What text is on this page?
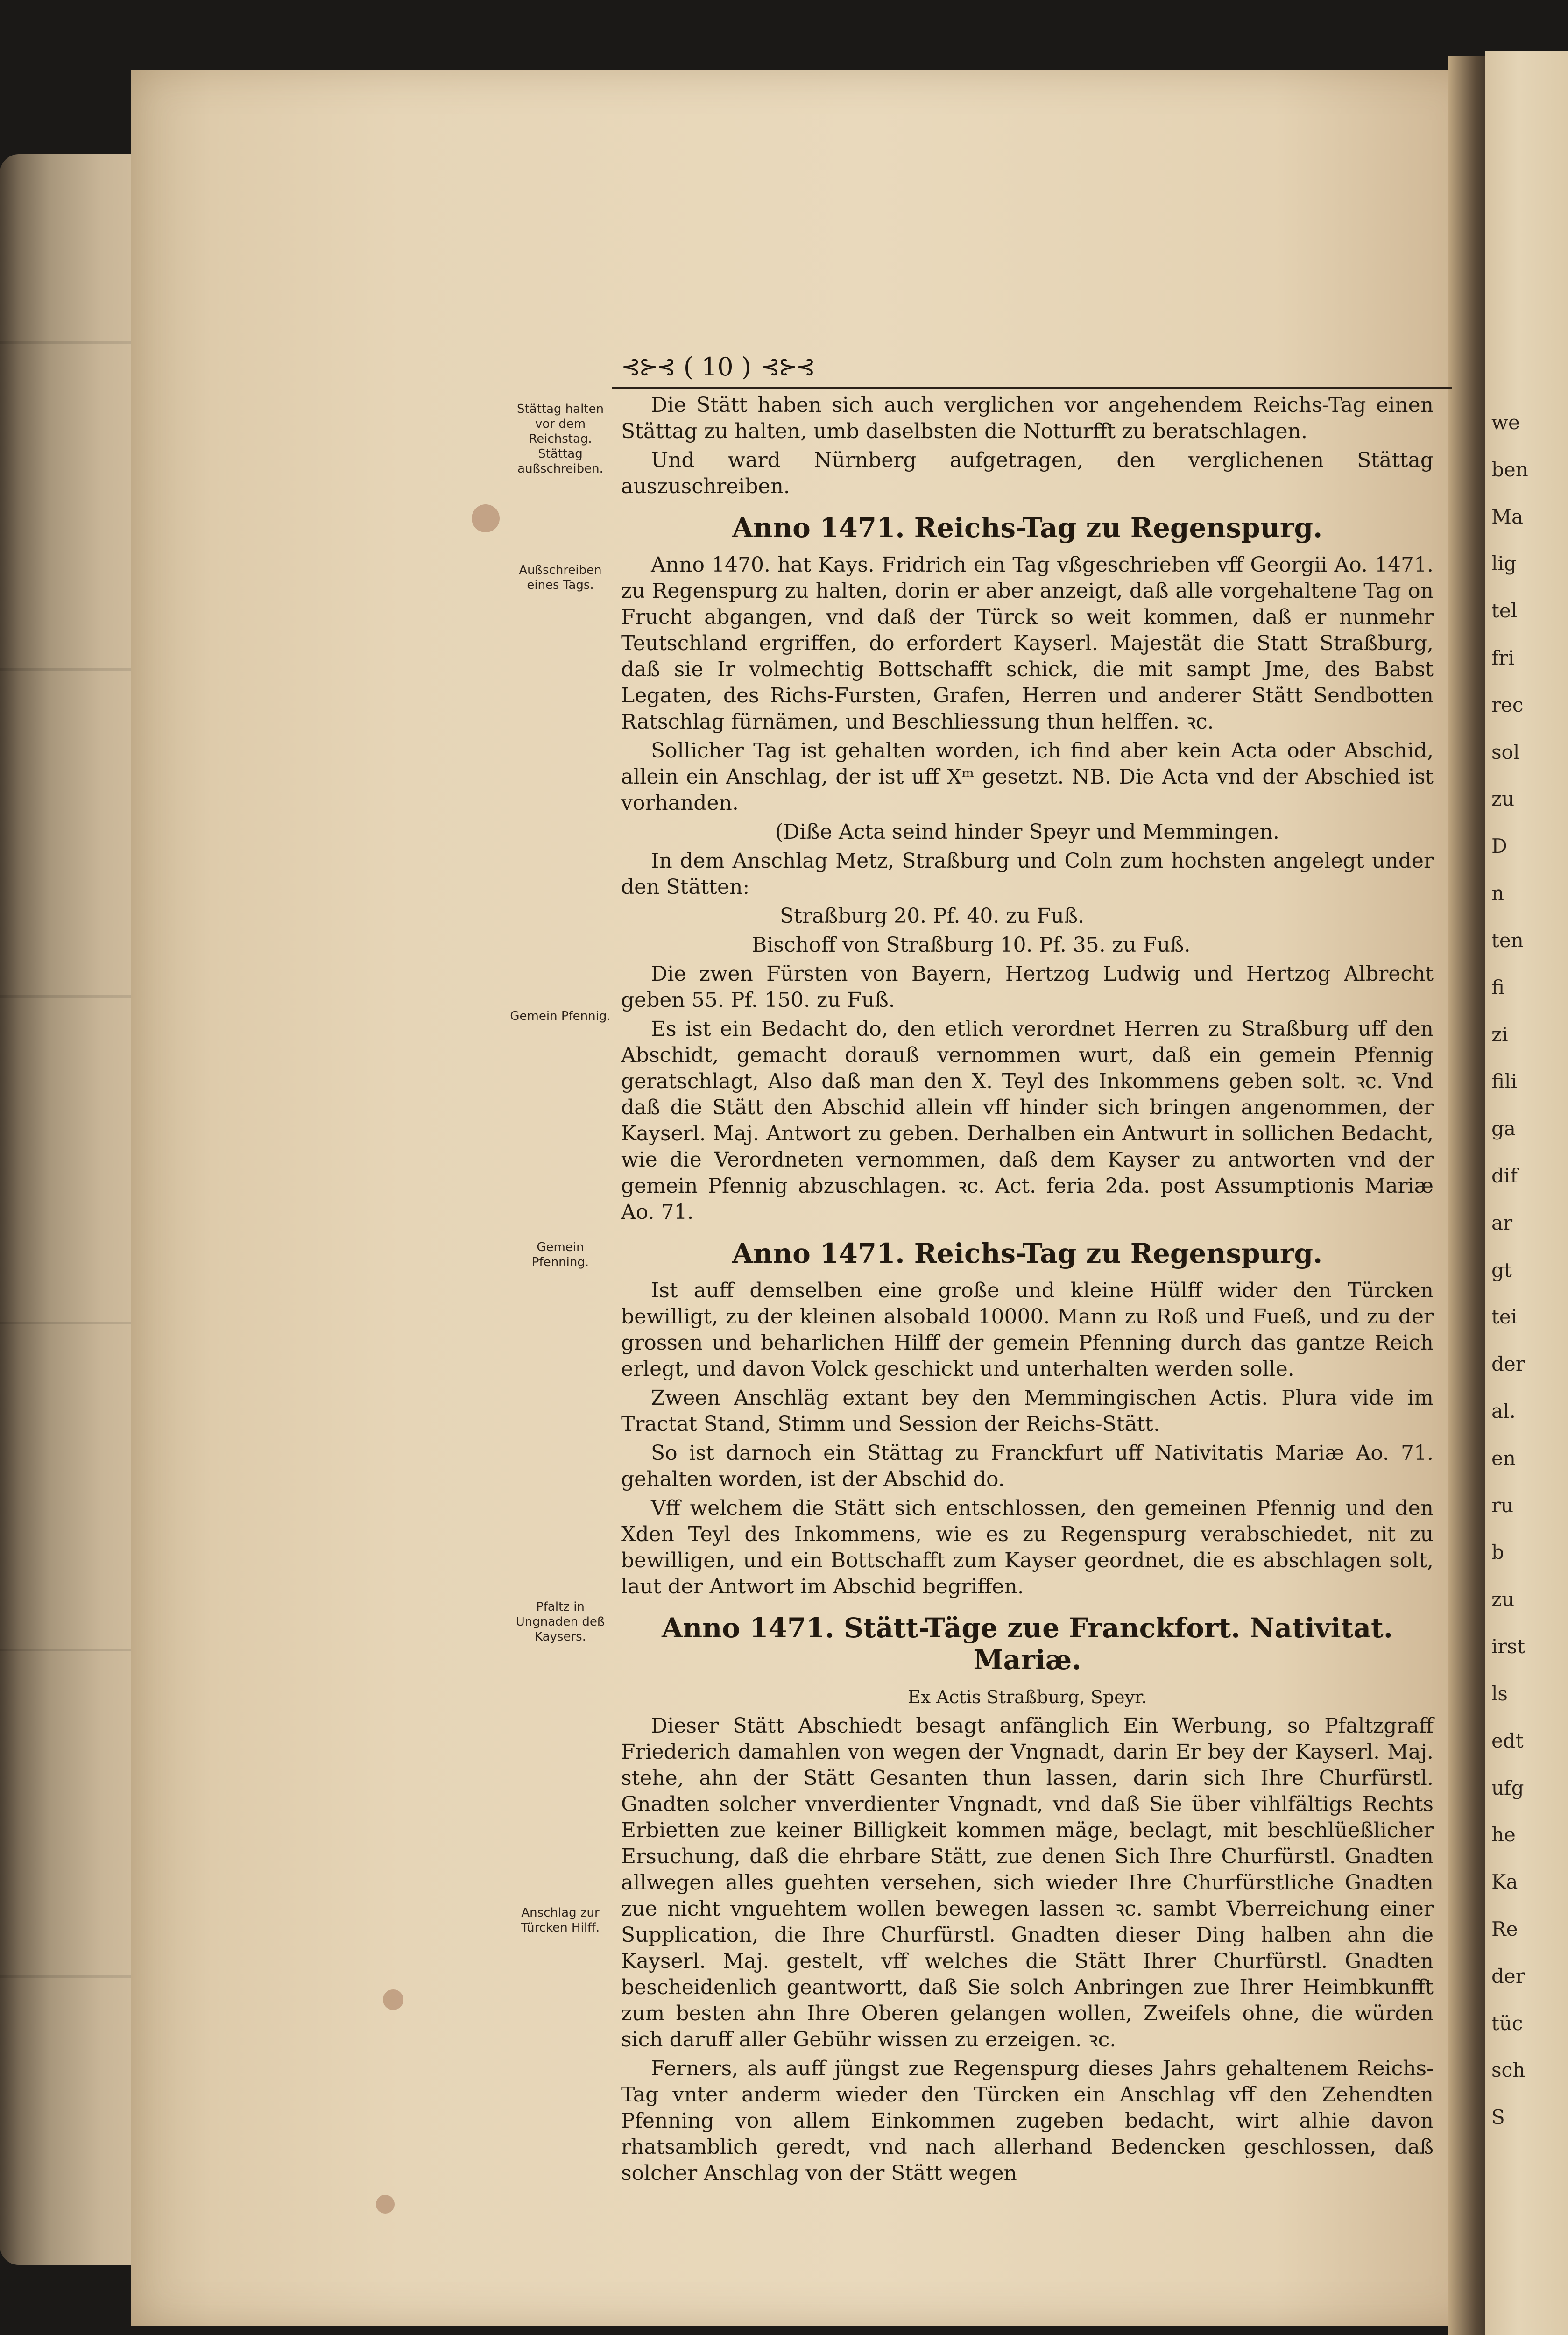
we
ben
Ma
lig
tel
fri
rec
sol
zu
D
n
ten
fi
zi
fili
ga
dif
ar
gt
tei
der
al.
en
ru
b
zu
irst
ls
edt
ufg
he
Ka
Re
der
tüc
sch
S
⊰⊱⊰ ( 10 ) ⊰⊱⊰
Stättag halten vor dem Reichstag. Stättag außschreiben.
Außschreiben eines Tags.
Gemein Pfennig.
Gemein Pfenning.
Pfaltz in Ungnaden deß Kaysers.
Anschlag zur Türcken Hilff.

Die Stätt haben sich auch verglichen vor angehendem Reichs-Tag einen Stättag zu halten, umb daselbsten die Notturfft zu beratschlagen.

Und ward Nürnberg aufgetragen, den verglichenen Stättag auszuschreiben.

Anno 1471. Reichs-Tag zu Regenspurg.

Anno 1470. hat Kays. Fridrich ein Tag vßgeschrieben vff Georgii Ao. 1471. zu Regenspurg zu halten, dorin er aber anzeigt, daß alle vorgehaltene Tag on Frucht abgangen, vnd daß der Türck so weit kommen, daß er nunmehr Teutschland ergriffen, do erfordert Kayserl. Majestät die Statt Straßburg, daß sie Ir volmechtig Bottschafft schick, die mit sampt Jme, des Babst Legaten, des Richs-Fursten, Grafen, Herren und anderer Stätt Sendbotten Ratschlag fürnämen, und Beschliessung thun helffen. ꝛc.

Sollicher Tag ist gehalten worden, ich find aber kein Acta oder Abschid, allein ein Anschlag, der ist uff Xᵐ gesetzt. NB. Die Acta vnd der Abschied ist vorhanden.

(Diße Acta seind hinder Speyr und Memmingen.

In dem Anschlag Metz, Straßburg und Coln zum hochsten angelegt under den Stätten:

Straßburg 20. Pf. 40. zu Fuß.

Bischoff von Straßburg 10. Pf. 35. zu Fuß.

Die zwen Fürsten von Bayern, Hertzog Ludwig und Hertzog Albrecht geben 55. Pf. 150. zu Fuß.

Es ist ein Bedacht do, den etlich verordnet Herren zu Straßburg uff den Abschidt, gemacht dorauß vernommen wurt, daß ein gemein Pfennig geratschlagt, Also daß man den X. Teyl des Inkommens geben solt. ꝛc. Vnd daß die Stätt den Abschid allein vff hinder sich bringen angenommen, der Kayserl. Maj. Antwort zu geben. Derhalben ein Antwurt in sollichen Bedacht, wie die Verordneten vernommen, daß dem Kayser zu antworten vnd der gemein Pfennig abzuschlagen. ꝛc. Act. feria 2da. post Assumptionis Mariæ Ao. 71.

Anno 1471. Reichs-Tag zu Regenspurg.

Ist auff demselben eine große und kleine Hülff wider den Türcken bewilligt, zu der kleinen alsobald 10000. Mann zu Roß und Fueß, und zu der grossen und beharlichen Hilff der gemein Pfenning durch das gantze Reich erlegt, und davon Volck geschickt und unterhalten werden solle.

Zween Anschläg extant bey den Memmingischen Actis. Plura vide im Tractat Stand, Stimm und Session der Reichs-Stätt.

So ist darnoch ein Stättag zu Franckfurt uff Nativitatis Mariæ Ao. 71. gehalten worden, ist der Abschid do.

Vff welchem die Stätt sich entschlossen, den gemeinen Pfennig und den Xden Teyl des Inkommens, wie es zu Regenspurg verabschiedet, nit zu bewilligen, und ein Bottschafft zum Kayser geordnet, die es abschlagen solt, laut der Antwort im Abschid begriffen.

Anno 1471. Stätt-Täge zue Franckfort. Nativitat. Mariæ.

Ex Actis Straßburg, Speyr.

Dieser Stätt Abschiedt besagt anfänglich Ein Werbung, so Pfaltzgraff Friederich damahlen von wegen der Vngnadt, darin Er bey der Kayserl. Maj. stehe, ahn der Stätt Gesanten thun lassen, darin sich Ihre Churfürstl. Gnadten solcher vnverdienter Vngnadt, vnd daß Sie über vihlfältigs Rechts Erbietten zue keiner Billigkeit kommen mäge, beclagt, mit beschlüeßlicher Ersuchung, daß die ehrbare Stätt, zue denen Sich Ihre Churfürstl. Gnadten allwegen alles guehten versehen, sich wieder Ihre Churfürstliche Gnadten zue nicht vnguehtem wollen bewegen lassen ꝛc. sambt Vberreichung einer Supplication, die Ihre Churfürstl. Gnadten dieser Ding halben ahn die Kayserl. Maj. gestelt, vff welches die Stätt Ihrer Churfürstl. Gnadten bescheidenlich geantwortt, daß Sie solch Anbringen zue Ihrer Heimbkunfft zum besten ahn Ihre Oberen gelangen wollen, Zweifels ohne, die würden sich daruff aller Gebühr wissen zu erzeigen. ꝛc.

Ferners, als auff jüngst zue Regenspurg dieses Jahrs gehaltenem Reichs-Tag vnter anderm wieder den Türcken ein Anschlag vff den Zehendten Pfenning von allem Einkommen zugeben bedacht, wirt alhie davon rhatsamblich geredt, vnd nach allerhand Bedencken geschlossen, daß solcher Anschlag von der Stätt wegen
